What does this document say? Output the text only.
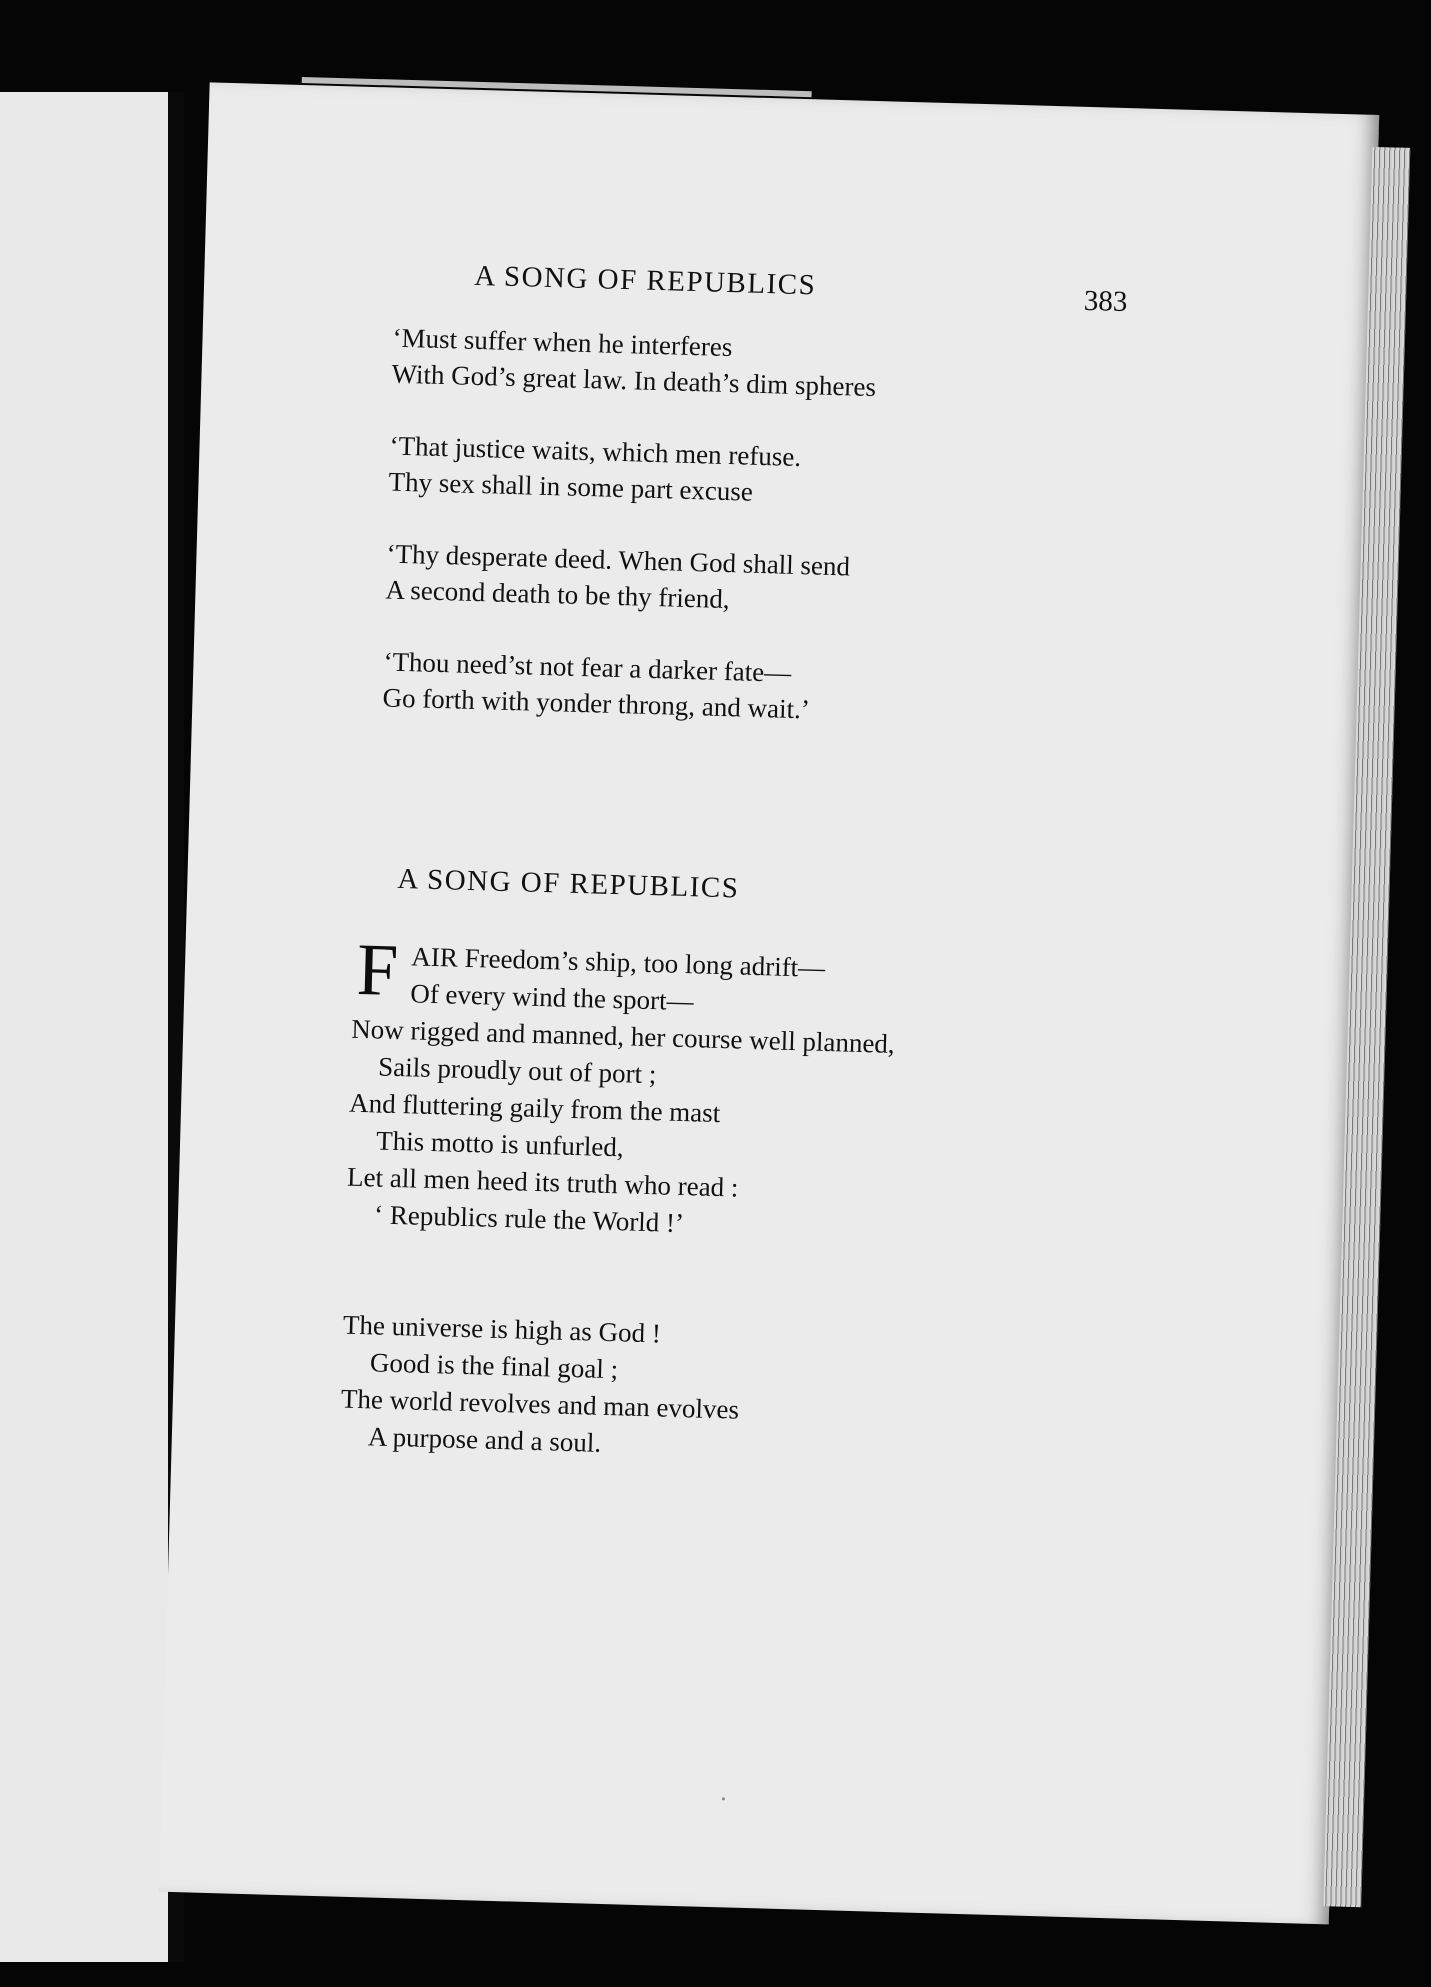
A SONG OF REPUBLICS
383
‘Must suffer when he interferes
With God’s great law. In death’s dim spheres
‘That justice waits, which men refuse.
Thy sex shall in some part excuse
‘Thy desperate deed. When God shall send
A second death to be thy friend,
‘Thou need’st not fear a darker fate—
Go forth with yonder throng, and wait.’
A SONG OF REPUBLICS
F AIR Freedom’s ship, too long adrift—
Of every wind the sport—
Now rigged and manned, her course well planned,
Sails proudly out of port ;
And fluttering gaily from the mast
This motto is unfurled,
Let all men heed its truth who read :
‘ Republics rule the World !’
The universe is high as God !
Good is the final goal ;
The world revolves and man evolves
A purpose and a soul.
